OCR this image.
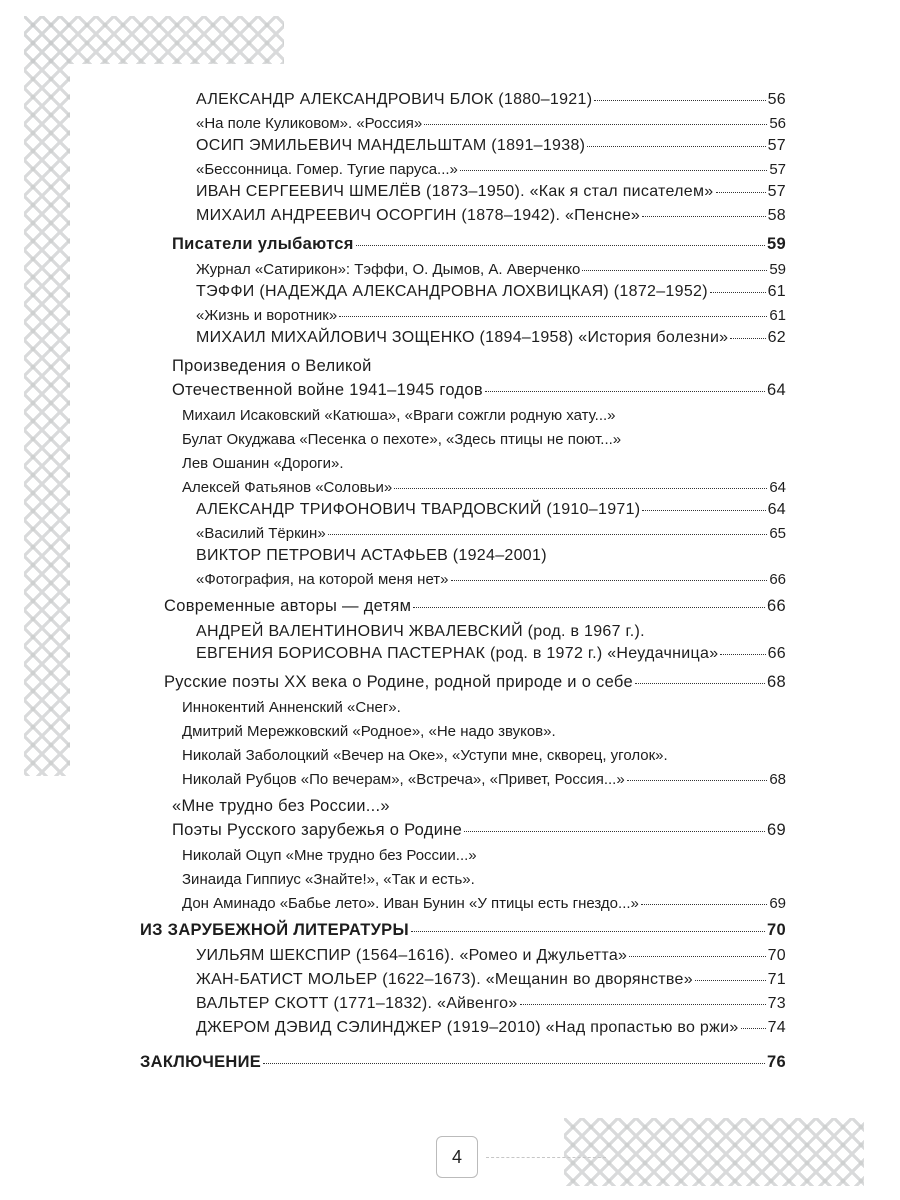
АЛЕКСАНДР АЛЕКСАНДРОВИЧ БЛОК (1880–1921)	56
«На поле Куликовом». «Россия»	56
ОСИП ЭМИЛЬЕВИЧ МАНДЕЛЬШТАМ (1891–1938)	57
«Бессонница. Гомер. Тугие паруса...»	57
ИВАН СЕРГЕЕВИЧ ШМЕЛЁВ (1873–1950). «Как я стал писателем»	57
МИХАИЛ АНДРЕЕВИЧ ОСОРГИН (1878–1942). «Пенсне»	58
Писатели улыбаются	59
Журнал «Сатирикон»: Тэффи, О. Дымов, А. Аверченко	59
ТЭФФИ (НАДЕЖДА АЛЕКСАНДРОВНА ЛОХВИЦКАЯ) (1872–1952)	61
«Жизнь и воротник»	61
МИХАИЛ МИХАЙЛОВИЧ ЗОЩЕНКО (1894–1958) «История болезни» 62
Произведения о Великой
Отечественной войне 1941–1945 годов	64
Михаил Исаковский «Катюша», «Враги сожгли родную хату...»
Булат Окуджава «Песенка о пехоте», «Здесь птицы не поют...»
Лев Ошанин «Дороги».
Алексей Фатьянов «Соловьи»	64
АЛЕКСАНДР ТРИФОНОВИЧ ТВАРДОВСКИЙ (1910–1971)	64
«Василий Тёркин»	65
ВИКТОР ПЕТРОВИЧ АСТАФЬЕВ (1924–2001)
«Фотография, на которой меня нет»	66
Современные авторы — детям	66
АНДРЕЙ ВАЛЕНТИНОВИЧ ЖВАЛЕВСКИЙ (род. в 1967 г.).
ЕВГЕНИЯ БОРИСОВНА ПАСТЕРНАК (род. в 1972 г.) «Неудачница»	66
Русские поэты XX века о Родине, родной природе и о себе	68
Иннокентий Анненский «Снег».
Дмитрий Мережковский «Родное», «Не надо звуков».
Николай Заболоцкий «Вечер на Оке», «Уступи мне, скворец, уголок».
Николай Рубцов «По вечерам», «Встреча», «Привет, Россия...»	68
«Мне трудно без России...»
Поэты Русского зарубежья о Родине	69
Николай Оцуп «Мне трудно без России...»
Зинаида Гиппиус «Знайте!», «Так и есть».
Дон Аминадо «Бабье лето». Иван Бунин «У птицы есть гнездо...»	69
ИЗ ЗАРУБЕЖНОЙ ЛИТЕРАТУРЫ	70
УИЛЬЯМ ШЕКСПИР (1564–1616). «Ромео и Джульетта»	70
ЖАН-БАТИСТ МОЛЬЕР (1622–1673). «Мещанин во дворянстве»	71
ВАЛЬТЕР СКОТТ (1771–1832). «Айвенго»	73
ДЖЕРОМ ДЭВИД СЭЛИНДЖЕР (1919–2010) «Над пропастью во ржи» 74
ЗАКЛЮЧЕНИЕ	76
4
